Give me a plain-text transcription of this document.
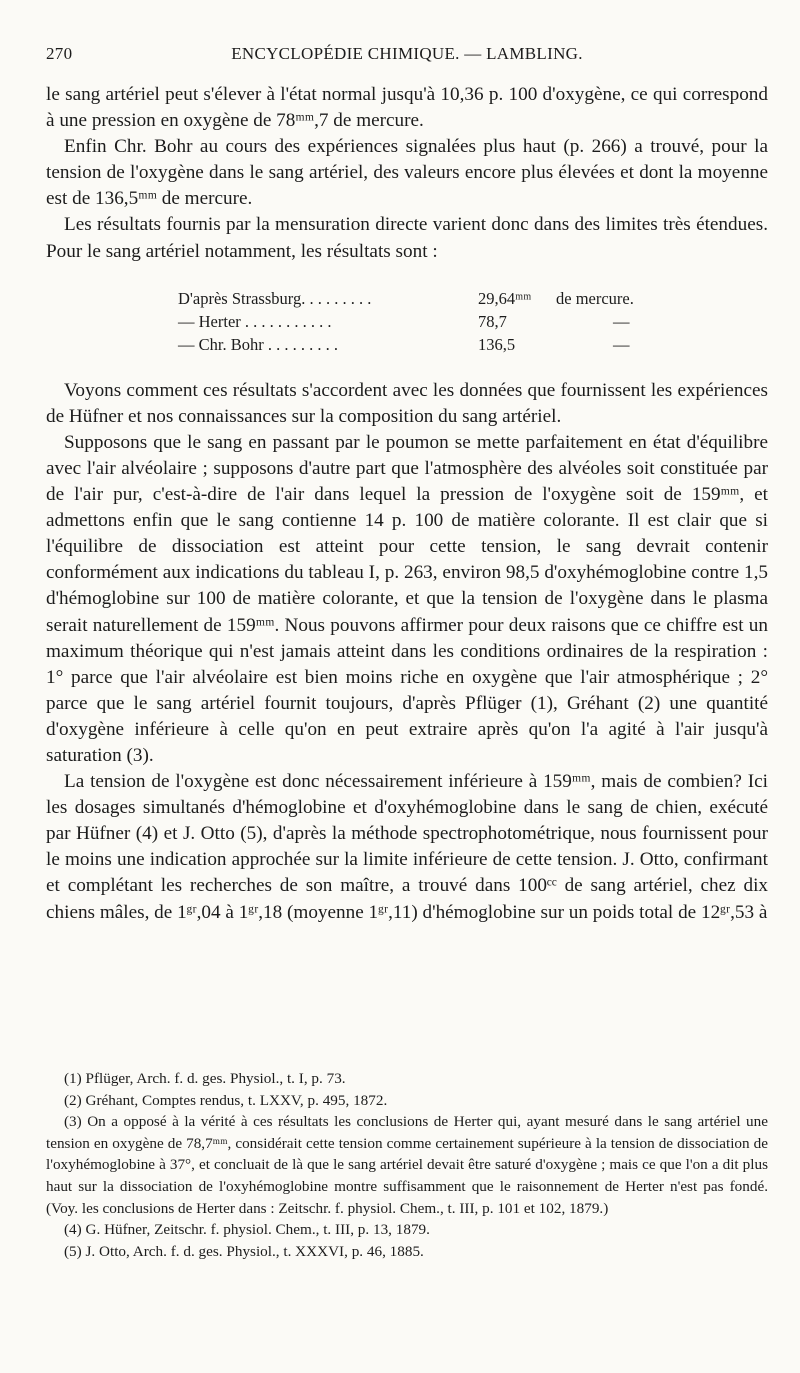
270	ENCYCLOPÉDIE CHIMIQUE. — LAMBLING.

le sang artériel peut s'élever à l'état normal jusqu'à 10,36 p. 100 d'oxygène, ce qui correspond à une pression en oxygène de 78ᵐᵐ,7 de mercure.

Enfin Chr. Bohr au cours des expériences signalées plus haut (p. 266) a trouvé, pour la tension de l'oxygène dans le sang artériel, des valeurs encore plus élevées et dont la moyenne est de 136,5ᵐᵐ de mercure.

Les résultats fournis par la mensuration directe varient donc dans des limites très étendues. Pour le sang artériel notamment, les résultats sont :

D'après Strassburg. . . . . . . . .	29,64ᵐᵐ de mercure.
— Herter . . . . . . . . . . .	78,7	—
— Chr. Bohr . . . . . . . . .	136,5	—

Voyons comment ces résultats s'accordent avec les données que fournissent les expériences de Hüfner et nos connaissances sur la composition du sang artériel.

Supposons que le sang en passant par le poumon se mette parfaitement en état d'équilibre avec l'air alvéolaire ; supposons d'autre part que l'atmosphère des alvéoles soit constituée par de l'air pur, c'est-à-dire de l'air dans lequel la pression de l'oxygène soit de 159ᵐᵐ, et admettons enfin que le sang contienne 14 p. 100 de matière colorante. Il est clair que si l'équilibre de dissociation est atteint pour cette tension, le sang devrait contenir conformément aux indications du tableau I, p. 263, environ 98,5 d'oxyhémoglobine contre 1,5 d'hémoglobine sur 100 de matière colorante, et que la tension de l'oxygène dans le plasma serait naturellement de 159ᵐᵐ. Nous pouvons affirmer pour deux raisons que ce chiffre est un maximum théorique qui n'est jamais atteint dans les conditions ordinaires de la respiration : 1° parce que l'air alvéolaire est bien moins riche en oxygène que l'air atmosphérique ; 2° parce que le sang artériel fournit toujours, d'après Pflüger (1), Gréhant (2) une quantité d'oxygène inférieure à celle qu'on en peut extraire après qu'on l'a agité à l'air jusqu'à saturation (3).

La tension de l'oxygène est donc nécessairement inférieure à 159ᵐᵐ, mais de combien? Ici les dosages simultanés d'hémoglobine et d'oxyhémoglobine dans le sang de chien, exécuté par Hüfner (4) et J. Otto (5), d'après la méthode spectrophotométrique, nous fournissent pour le moins une indication approchée sur la limite inférieure de cette tension. J. Otto, confirmant et complétant les recherches de son maître, a trouvé dans 100ᶜᶜ de sang artériel, chez dix chiens mâles, de 1ᵍʳ,04 à 1ᵍʳ,18 (moyenne 1ᵍʳ,11) d'hémoglobine sur un poids total de 12ᵍʳ,53 à

(1) Pflüger, Arch. f. d. ges. Physiol., t. I, p. 73.

(2) Gréhant, Comptes rendus, t. LXXV, p. 495, 1872.

(3) On a opposé à la vérité à ces résultats les conclusions de Herter qui, ayant mesuré dans le sang artériel une tension en oxygène de 78,7ᵐᵐ, considérait cette tension comme certainement supérieure à la tension de dissociation de l'oxyhémoglobine à 37°, et concluait de là que le sang artériel devait être saturé d'oxygène ; mais ce que l'on a dit plus haut sur la dissociation de l'oxyhémoglobine montre suffisamment que le raisonnement de Herter n'est pas fondé. (Voy. les conclusions de Herter dans : Zeitschr. f. physiol. Chem., t. III, p. 101 et 102, 1879.)

(4) G. Hüfner, Zeitschr. f. physiol. Chem., t. III, p. 13, 1879.

(5) J. Otto, Arch. f. d. ges. Physiol., t. XXXVI, p. 46, 1885.
